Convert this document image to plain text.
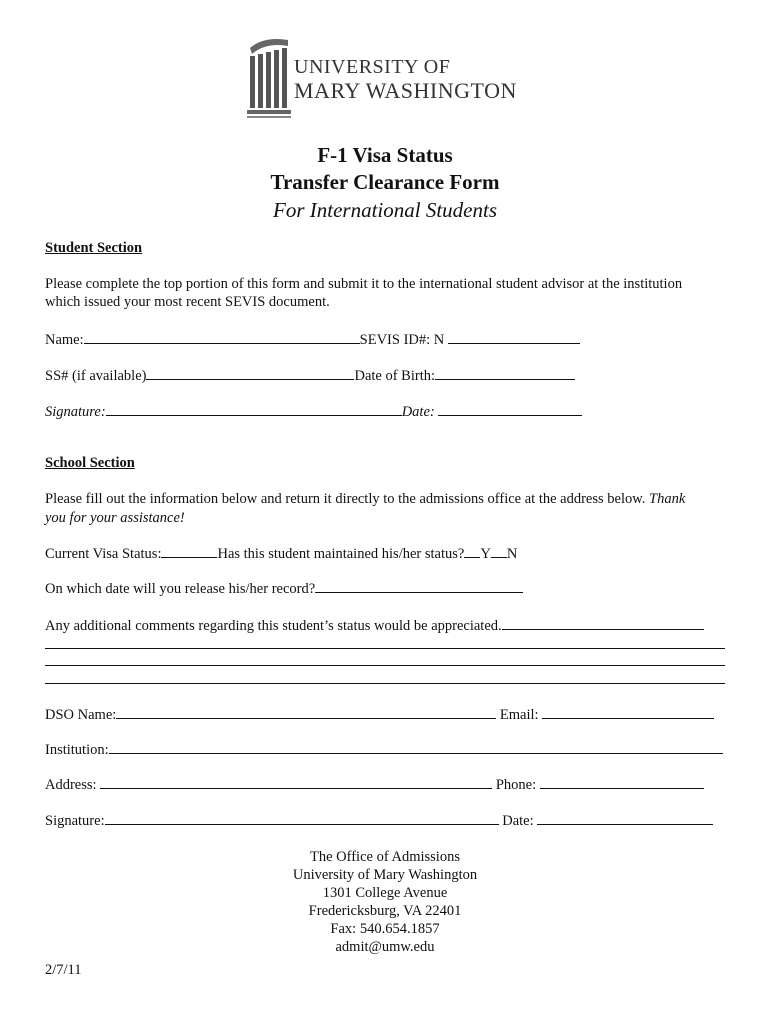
UNIVERSITY OF
MARY WASHINGTON
F-1 Visa Status
Transfer Clearance Form
For International Students
Student Section
Please complete the top portion of this form and submit it to the international student advisor at the institution
which issued your most recent SEVIS document.
Name:	SEVIS ID#: N
SS# (if available)	Date of Birth:
Signature:	Date:
School Section
Please fill out the information below and return it directly to the admissions office at the address below. Thank
you for your assistance!
Current Visa Status:	Has this student maintained his/her status? Y N
On which date will you release his/her record?
Any additional comments regarding this student’s status would be appreciated.
DSO Name:	Email:
Institution:
Address:	Phone:
Signature:	Date:
The Office of Admissions
University of Mary Washington
1301 College Avenue
Fredericksburg, VA 22401
Fax: 540.654.1857
admit@umw.edu
2/7/11
